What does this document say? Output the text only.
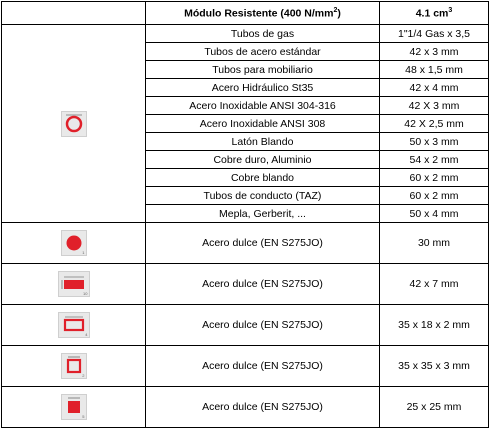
	Módulo Resistente (400 $N/mm^2$)	4.1 $cm^3$

	Tubos de gas	1"1/4 Gas x 3,5
	Tubos de acero estándar	42 x 3 mm
	Tubos para mobiliario	48 x 1,5 mm
	Acero Hidráulico St35	42 x 4 mm
	Acero Inoxidable ANSI 304-316	42 X 3 mm
	Acero Inoxidable ANSI 308	42 X 2,5 mm
	Latón Blando	50 x 3 mm
	Cobre duro, Aluminio	54 x 2 mm
	Cobre blando	60 x 2 mm
	Tubos de conducto (TAZ)	60 x 2 mm
	Mepla, Gerberit, ...	50 x 4 mm

1	Acero dulce (EN S275JO)	30 mm

10	Acero dulce (EN S275JO)	42 x 7 mm

4	Acero dulce (EN S275JO)	35 x 18 x 2 mm

2	Acero dulce (EN S275JO)	35 x 35 x 3 mm

5	Acero dulce (EN S275JO)	25 x 25 mm
